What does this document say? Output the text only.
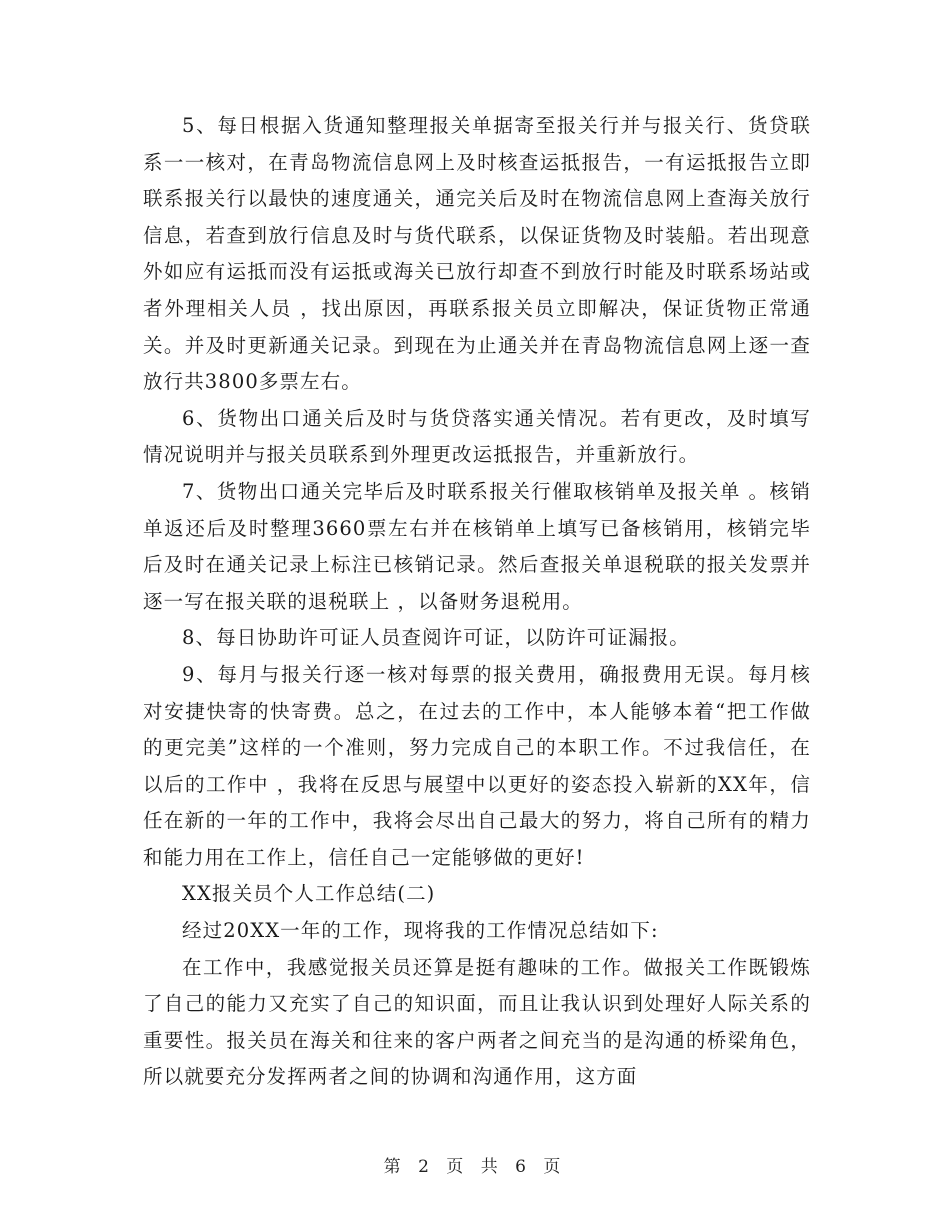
5、每日根据入货通知整理报关单据寄至报关行并与报关行、货贷联系一一核对，在青岛物流信息网上及时核查运抵报告，一有运抵报告立即联系报关行以最快的速度通关，通完关后及时在物流信息网上查海关放行信息，若查到放行信息及时与货代联系，以保证货物及时装船。若出现意外如应有运抵而没有运抵或海关已放行却查不到放行时能及时联系场站或者外理相关人员 ，找出原因，再联系报关员立即解决，保证货物正常通关。并及时更新通关记录。到现在为止通关并在青岛物流信息网上逐一查放行共3800多票左右。

6、货物出口通关后及时与货贷落实通关情况。若有更改，及时填写情况说明并与报关员联系到外理更改运抵报告，并重新放行。

7、货物出口通关完毕后及时联系报关行催取核销单及报关单 。核销单返还后及时整理3660票左右并在核销单上填写已备核销用，核销完毕后及时在通关记录上标注已核销记录。然后查报关单退税联的报关发票并逐一写在报关联的退税联上 ，以备财务退税用。

8、每日协助许可证人员查阅许可证，以防许可证漏报。

9、每月与报关行逐一核对每票的报关费用，确报费用无误。每月核对安捷快寄的快寄费。总之，在过去的工作中，本人能够本着“把工作做的更完美”这样的一个准则，努力完成自己的本职工作。不过我信任，在以后的工作中 ，我将在反思与展望中以更好的姿态投入崭新的XX年，信任在新的一年的工作中，我将会尽出自己最大的努力，将自己所有的精力和能力用在工作上，信任自己一定能够做的更好!

XX报关员个人工作总结(二)

经过20XX一年的工作，现将我的工作情况总结如下:

在工作中，我感觉报关员还算是挺有趣味的工作。做报关工作既锻炼了自己的能力又充实了自己的知识面，而且让我认识到处理好人际关系的重要性。报关员在海关和往来的客户两者之间充当的是沟通的桥梁角色，所以就要充分发挥两者之间的协调和沟通作用，这方面

第 2 页 共 6 页
